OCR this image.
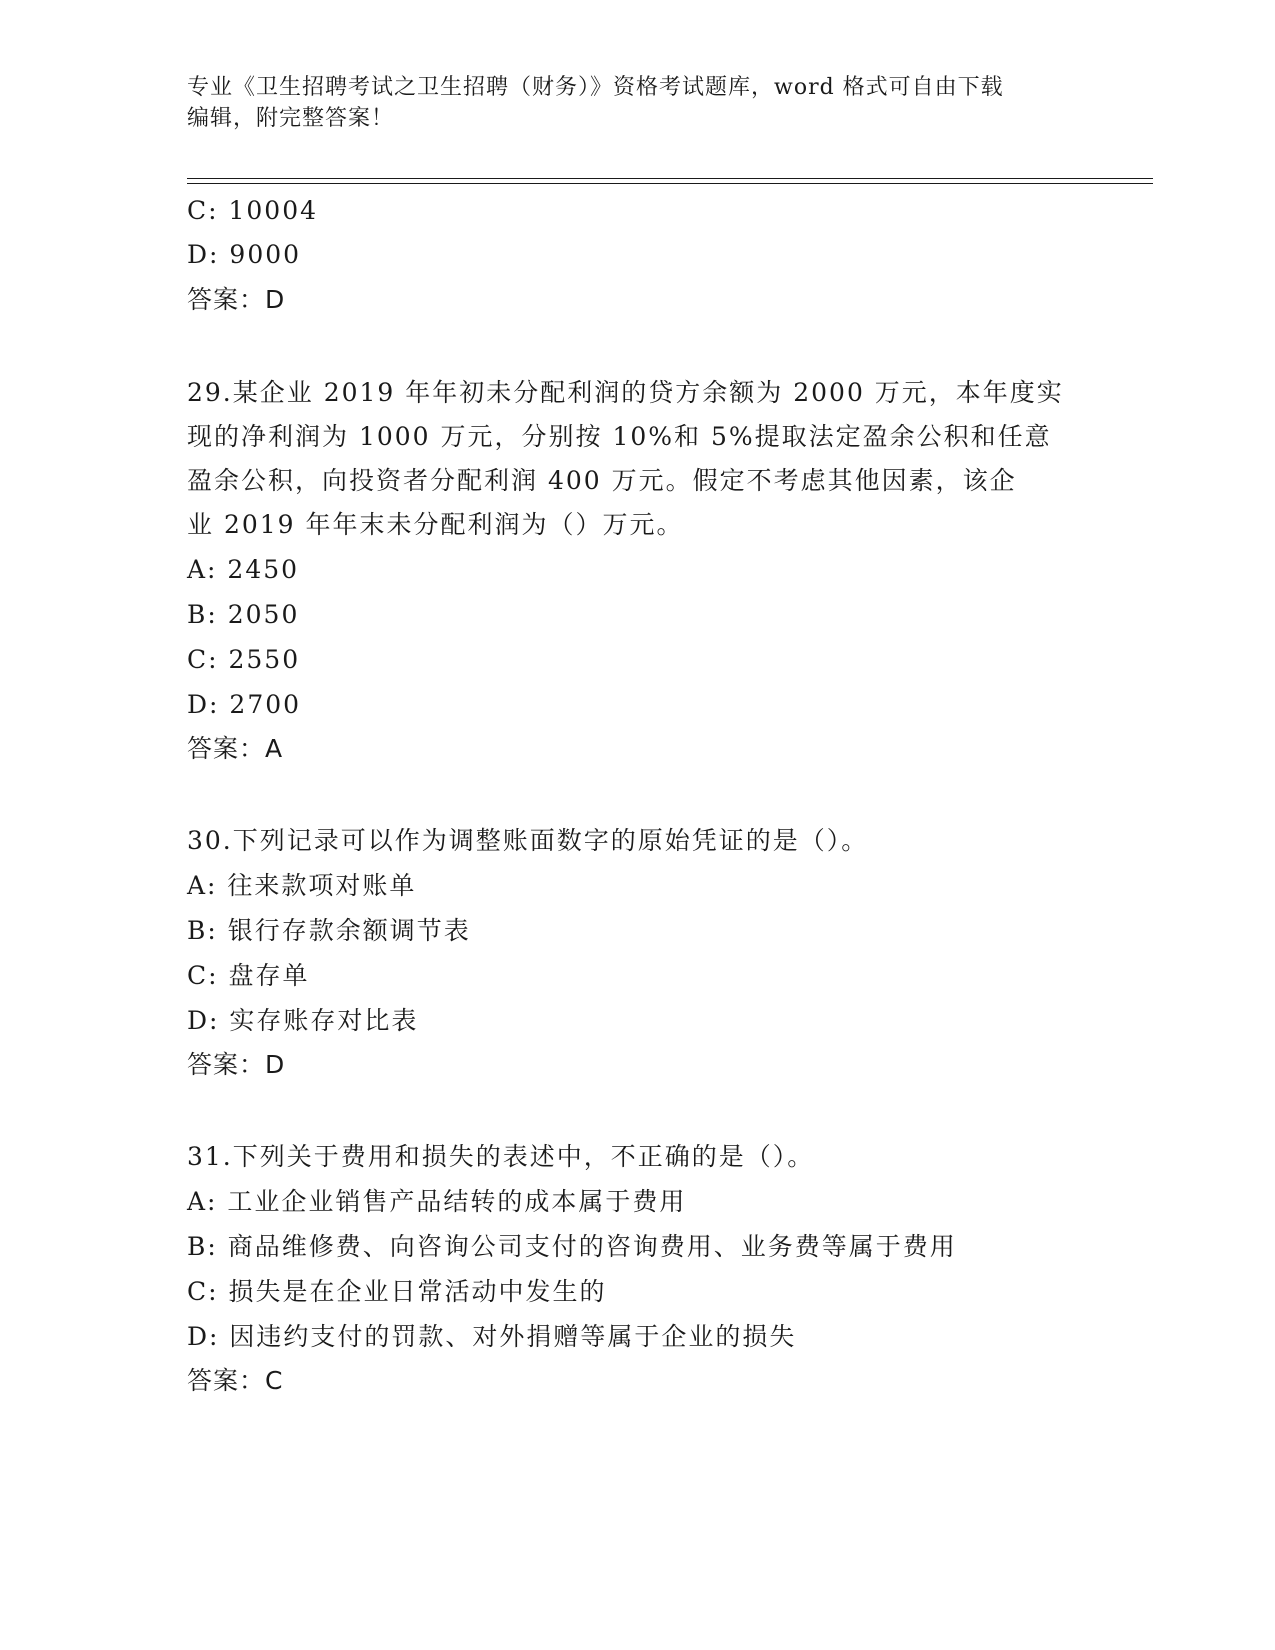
专业《卫生招聘考试之卫生招聘（财务）》资格考试题库，word 格式可自由下载
编辑，附完整答案！
C: 10004
D: 9000
答案：D
29.某企业 2019 年年初未分配利润的贷方余额为 2000 万元，本年度实
现的净利润为 1000 万元，分别按 10%和 5%提取法定盈余公积和任意
盈余公积，向投资者分配利润 400 万元。假定不考虑其他因素，该企
业 2019 年年末未分配利润为（）万元。
A: 2450
B: 2050
C: 2550
D: 2700
答案：A
30.下列记录可以作为调整账面数字的原始凭证的是（）。
A: 往来款项对账单
B: 银行存款余额调节表
C: 盘存单
D: 实存账存对比表
答案：D
31.下列关于费用和损失的表述中，不正确的是（）。
A: 工业企业销售产品结转的成本属于费用
B: 商品维修费、向咨询公司支付的咨询费用、业务费等属于费用
C: 损失是在企业日常活动中发生的
D: 因违约支付的罚款、对外捐赠等属于企业的损失
答案：C
